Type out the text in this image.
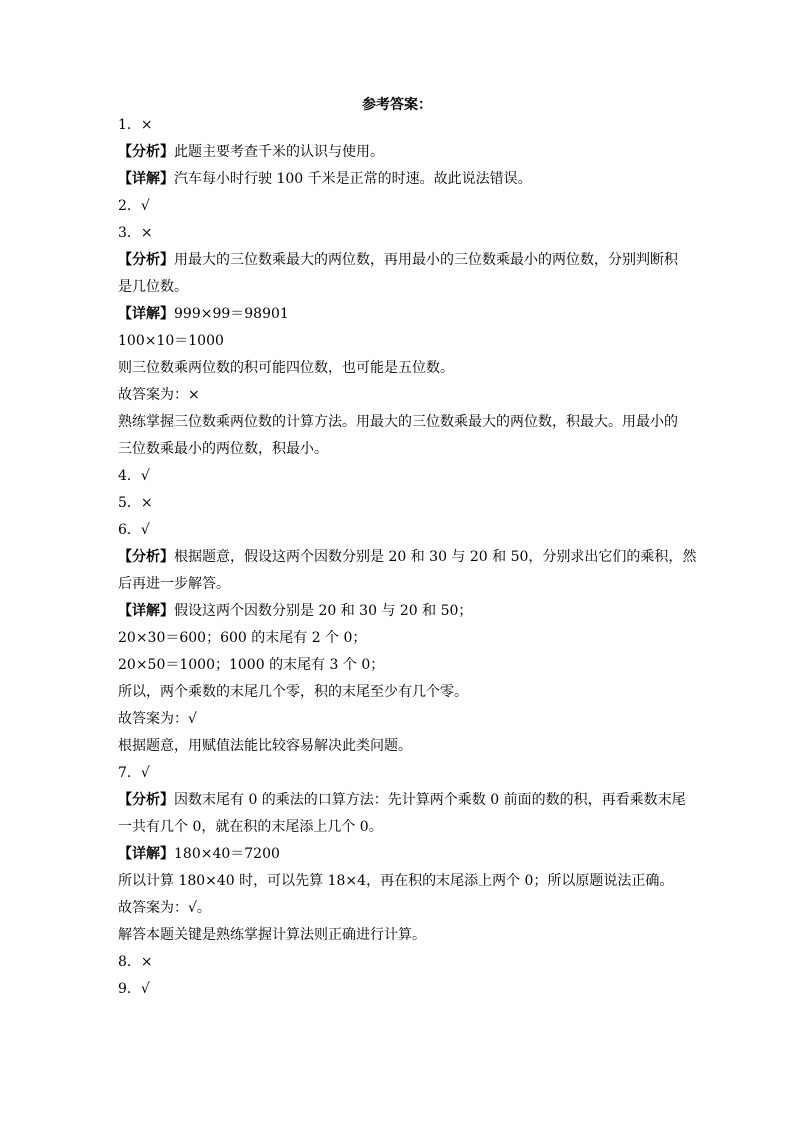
参考答案：
1．×
【分析】此题主要考查千米的认识与使用。
【详解】汽车每小时行驶 100 千米是正常的时速。故此说法错误。
2．√
3．×
【分析】用最大的三位数乘最大的两位数，再用最小的三位数乘最小的两位数，分别判断积
是几位数。
【详解】999×99＝98901
100×10＝1000
则三位数乘两位数的积可能四位数，也可能是五位数。
故答案为：×
熟练掌握三位数乘两位数的计算方法。用最大的三位数乘最大的两位数，积最大。用最小的
三位数乘最小的两位数，积最小。
4．√
5．×
6．√
【分析】根据题意，假设这两个因数分别是 20 和 30 与 20 和 50，分别求出它们的乘积，然
后再进一步解答。
【详解】假设这两个因数分别是 20 和 30 与 20 和 50；
20×30＝600；600 的末尾有 2 个 0；
20×50＝1000；1000 的末尾有 3 个 0；
所以，两个乘数的末尾几个零，积的末尾至少有几个零。
故答案为：√
根据题意，用赋值法能比较容易解决此类问题。
7．√
【分析】因数末尾有 0 的乘法的口算方法：先计算两个乘数 0 前面的数的积，再看乘数末尾
一共有几个 0，就在积的末尾添上几个 0。
【详解】180×40＝7200
所以计算 180×40 时，可以先算 18×4，再在积的末尾添上两个 0；所以原题说法正确。
故答案为：√。
解答本题关键是熟练掌握计算法则正确进行计算。
8．×
9．√
